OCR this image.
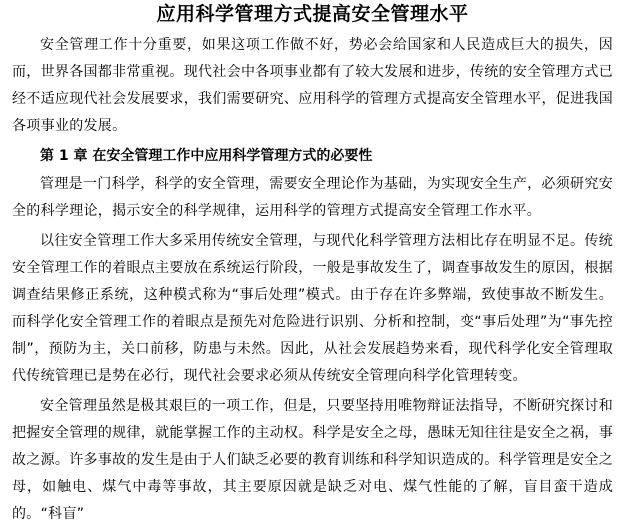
应用科学管理方式提高安全管理水平

安全管理工作十分重要，如果这项工作做不好，势必会给国家和人民造成巨大的损失，因而，世界各国都非常重视。现代社会中各项事业都有了较大发展和进步，传统的安全管理方式已经不适应现代社会发展要求，我们需要研究、应用科学的管理方式提高安全管理水平，促进我国各项事业的发展。

第 1 章 在安全管理工作中应用科学管理方式的必要性

管理是一门科学，科学的安全管理，需要安全理论作为基础，为实现安全生产，必须研究安全的科学理论，揭示安全的科学规律，运用科学的管理方式提高安全管理工作水平。

以往安全管理工作大多采用传统安全管理，与现代化科学管理方法相比存在明显不足。传统安全管理工作的着眼点主要放在系统运行阶段，一般是事故发生了，调查事故发生的原因，根据调查结果修正系统，这种模式称为“事后处理”模式。由于存在许多弊端，致使事故不断发生。而科学化安全管理工作的着眼点是预先对危险进行识别、分析和控制，变“事后处理”为“事先控制”，预防为主，关口前移，防患与未然。因此，从社会发展趋势来看，现代科学化安全管理取代传统管理已是势在必行，现代社会要求必须从传统安全管理向科学化管理转变。

安全管理虽然是极其艰巨的一项工作，但是，只要坚持用唯物辩证法指导，不断研究探讨和把握安全管理的规律，就能掌握工作的主动权。科学是安全之母，愚昧无知往往是安全之祸，事故之源。许多事故的发生是由于人们缺乏必要的教育训练和科学知识造成的。科学管理是安全之母，如触电、煤气中毒等事故，其主要原因就是缺乏对电、煤气性能的了解，盲目蛮干造成的。“科盲”
